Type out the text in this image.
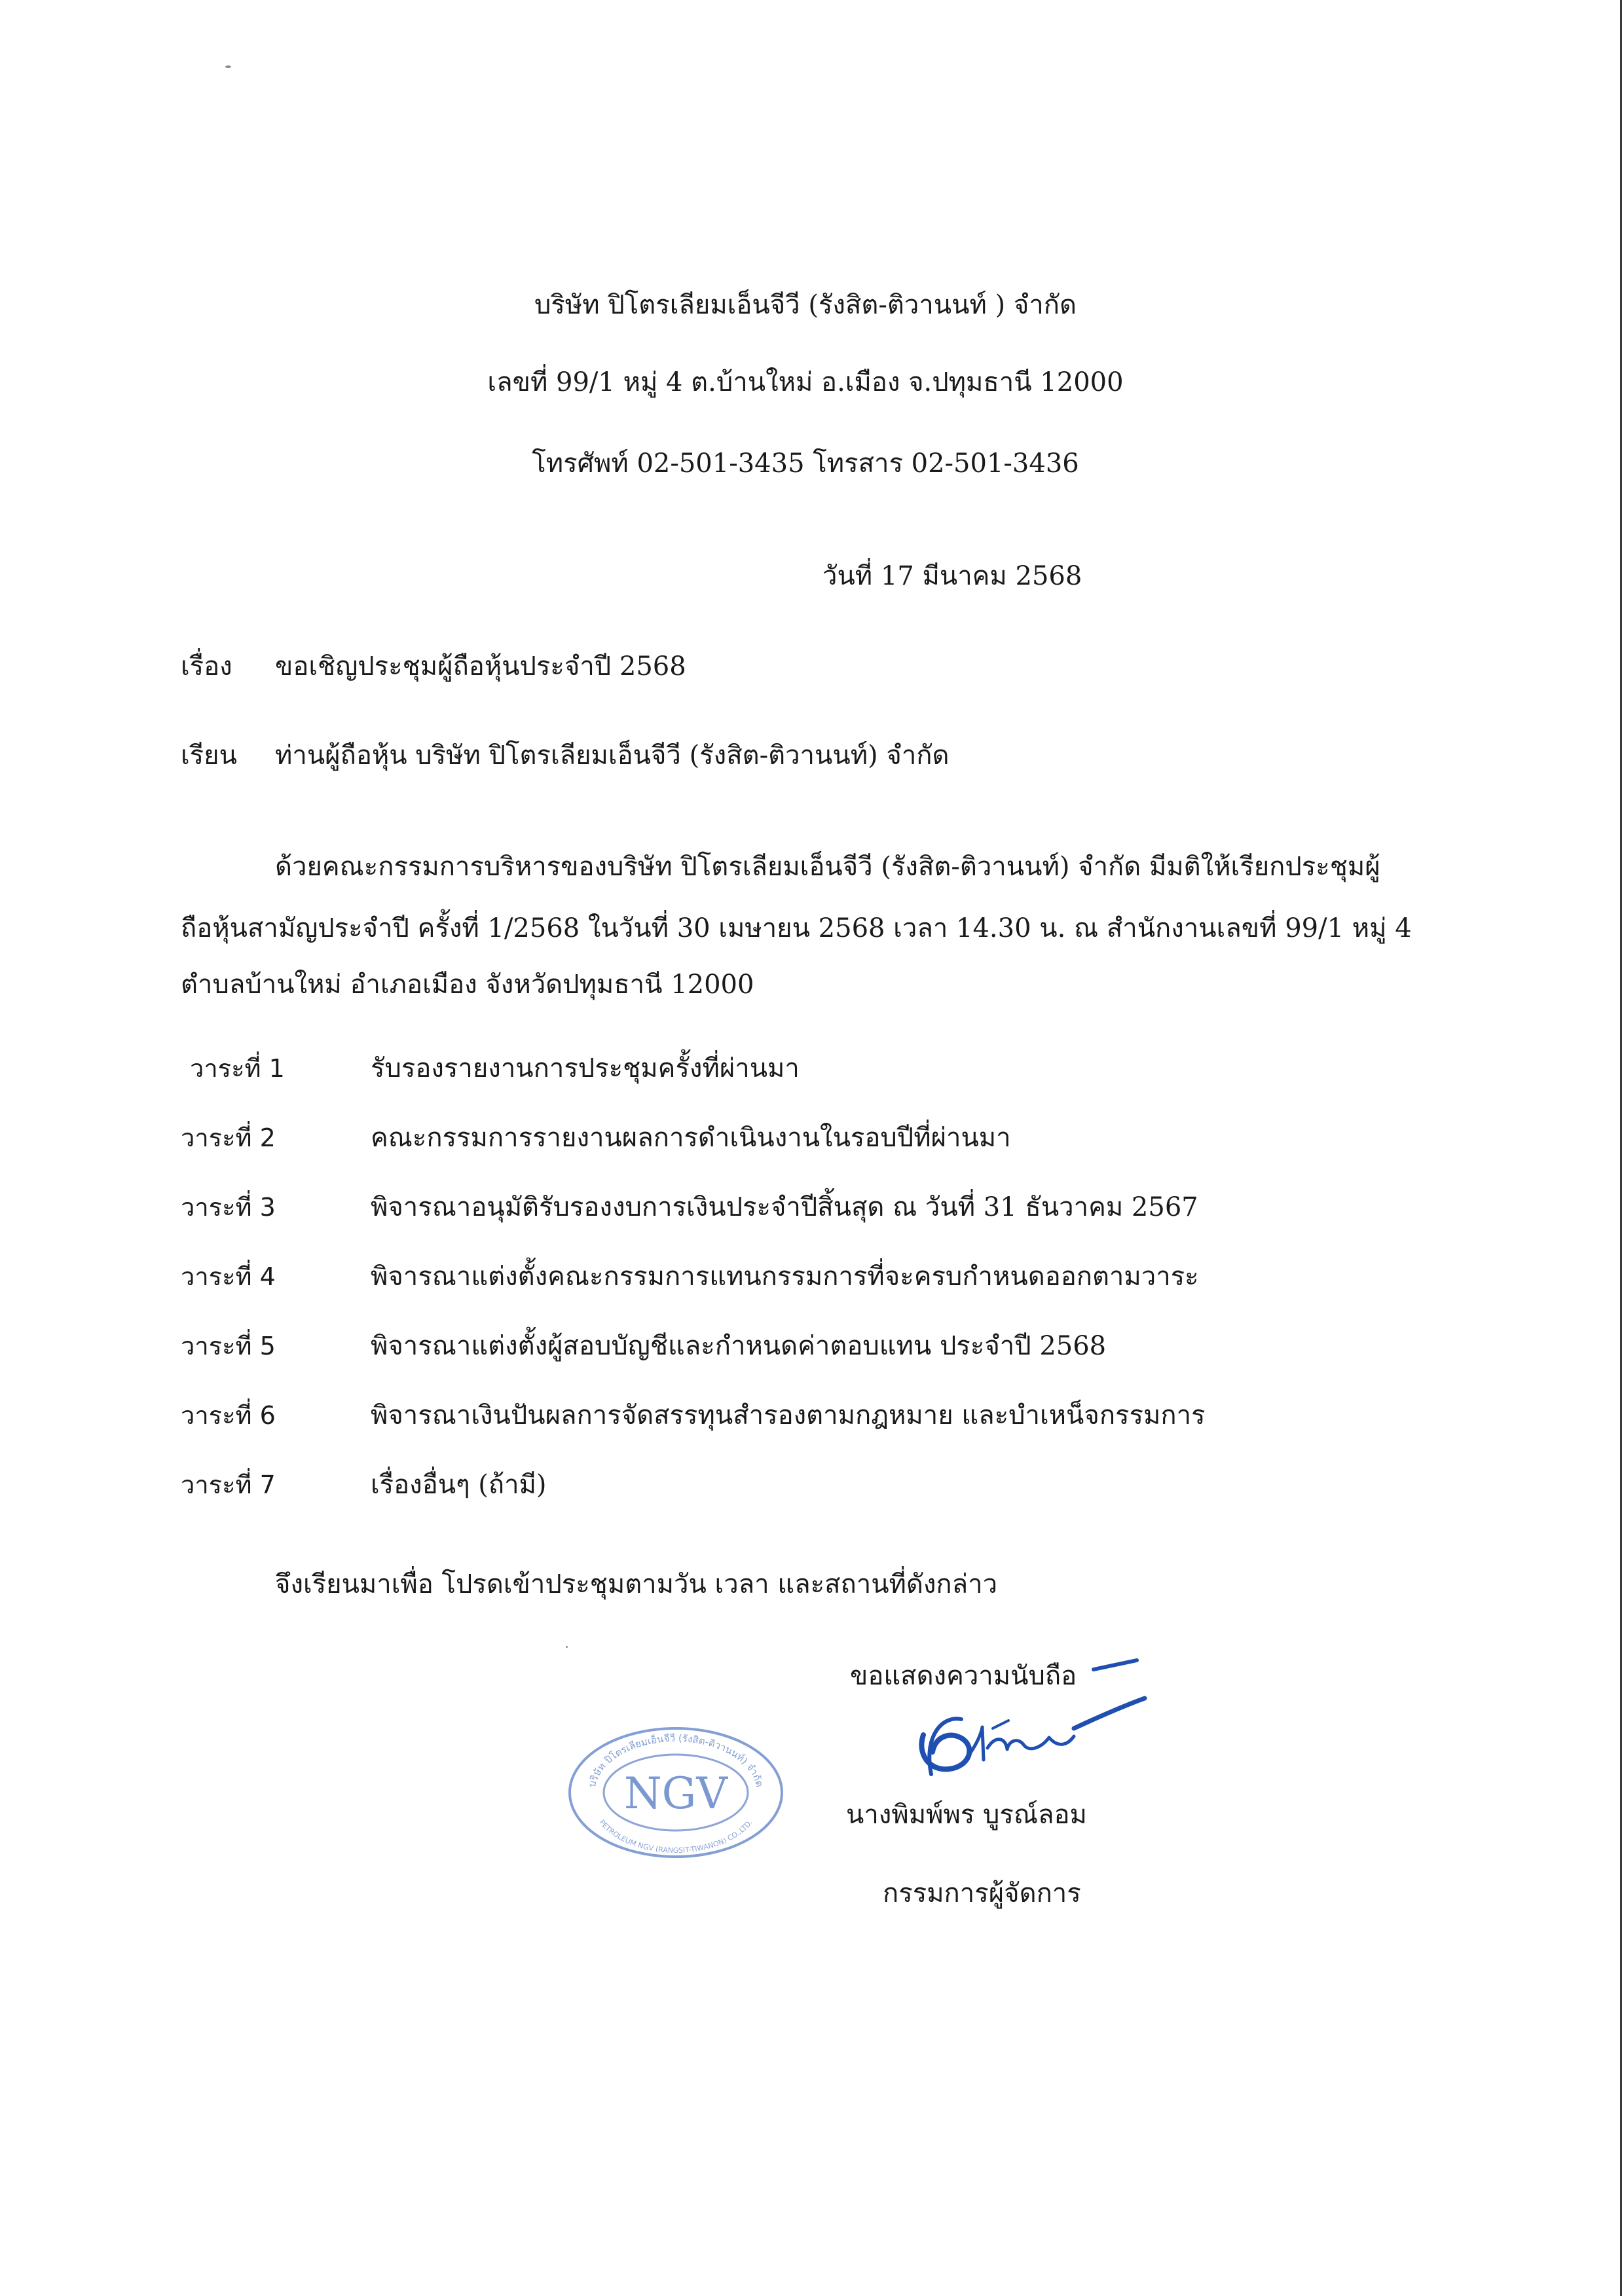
บริษัท ปิโตรเลียมเอ็นจีวี (รังสิต-ติวานนท์ ) จำกัด
เลขที่ 99/1 หมู่ 4 ต.บ้านใหม่ อ.เมือง จ.ปทุมธานี 12000
โทรศัพท์ 02-501-3435 โทรสาร 02-501-3436
วันที่ 17 มีนาคม 2568
เรื่อง ขอเชิญประชุมผู้ถือหุ้นประจำปี 2568
เรียน ท่านผู้ถือหุ้น บริษัท ปิโตรเลียมเอ็นจีวี (รังสิต-ติวานนท์) จำกัด
ด้วยคณะกรรมการบริหารของบริษัท ปิโตรเลียมเอ็นจีวี (รังสิต-ติวานนท์) จำกัด มีมติให้เรียกประชุมผู้
ถือหุ้นสามัญประจำปี ครั้งที่ 1/2568 ในวันที่ 30 เมษายน 2568 เวลา 14.30 น. ณ สำนักงานเลขที่ 99/1 หมู่ 4
ตำบลบ้านใหม่ อำเภอเมือง จังหวัดปทุมธานี 12000
วาระที่ 1	รับรองรายงานการประชุมครั้งที่ผ่านมา
วาระที่ 2	คณะกรรมการรายงานผลการดำเนินงานในรอบปีที่ผ่านมา
วาระที่ 3	พิจารณาอนุมัติรับรองงบการเงินประจำปีสิ้นสุด ณ วันที่ 31 ธันวาคม 2567
วาระที่ 4	พิจารณาแต่งตั้งคณะกรรมการแทนกรรมการที่จะครบกำหนดออกตามวาระ
วาระที่ 5	พิจารณาแต่งตั้งผู้สอบบัญชีและกำหนดค่าตอบแทน ประจำปี 2568
วาระที่ 6	พิจารณาเงินปันผลการจัดสรรทุนสำรองตามกฎหมาย และบำเหน็จกรรมการ
วาระที่ 7	เรื่องอื่นๆ (ถ้ามี)
จึงเรียนมาเพื่อ โปรดเข้าประชุมตามวัน เวลา และสถานที่ดังกล่าว
ขอแสดงความนับถือ
บริษัท ปิโตรเลียมเอ็นจีวี (รังสิต-ติวานนท์) จำกัด
PETROLEUM NGV (RANGSIT-TIWANON) CO.,LTD.
NGV	นางพิมพ์พร บูรณ์ลอม
กรรมการผู้จัดการ
